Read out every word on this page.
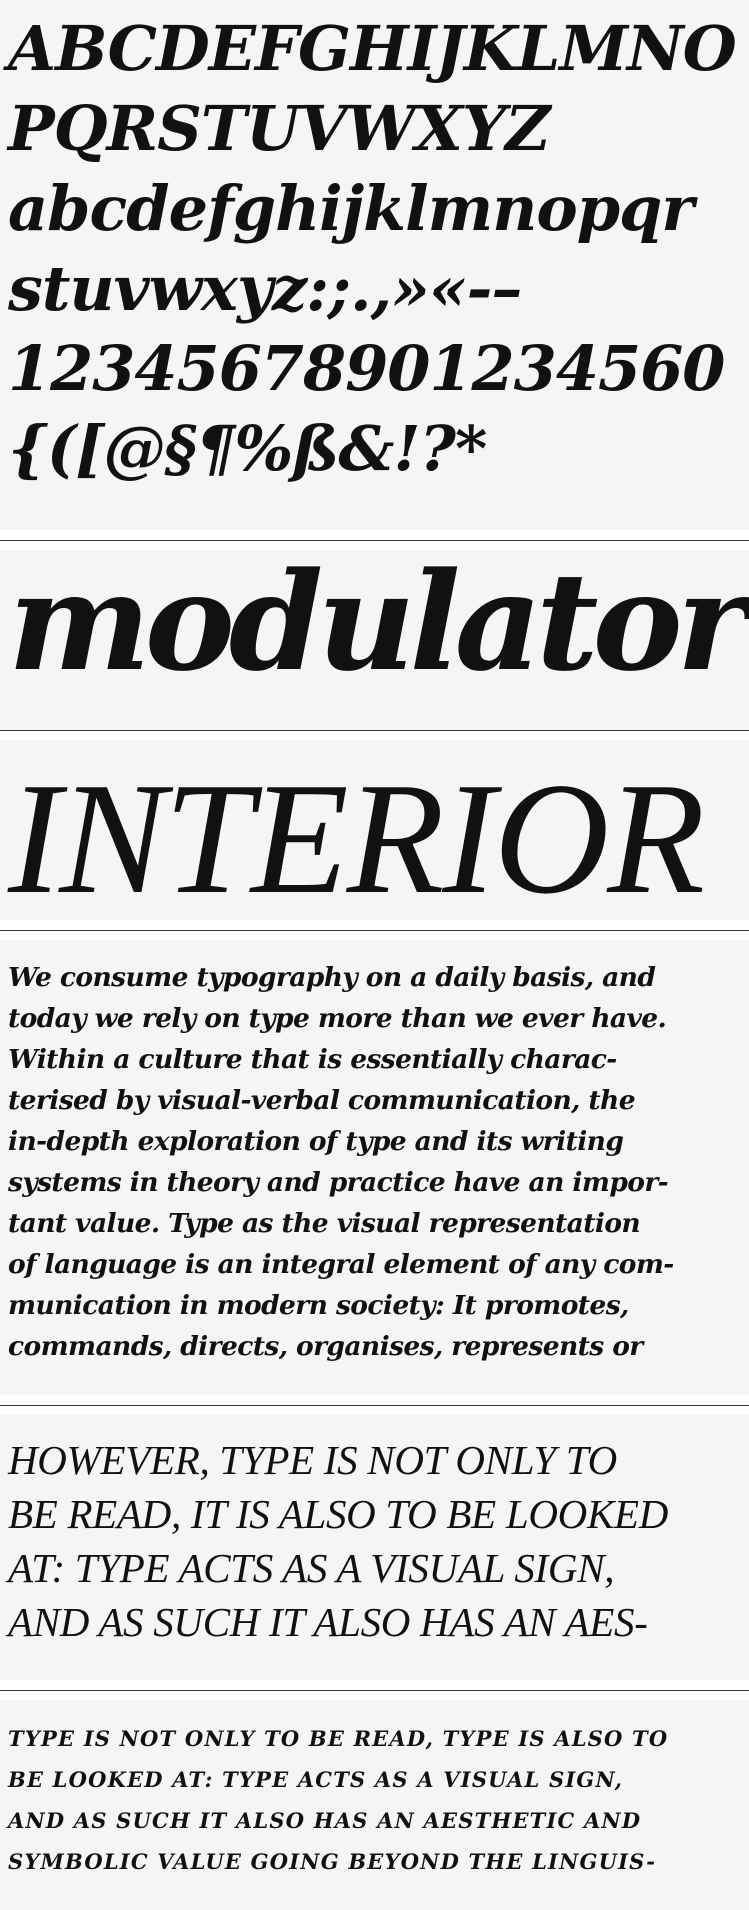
ABCDEFGHIJKLMNO
PQRSTUVWXYZ
abcdefghijklmnopqr
stuvwxyz:;.,»«-–
12345678901234560
{([@§¶%ß&!?*
modulator
INTERIOR
We consume typography on a daily basis, and
today we rely on type more than we ever have.
Within a culture that is essentially charac-
terised by visual-verbal communication, the
in-depth exploration of type and its writing
systems in theory and practice have an impor-
tant value. Type as the visual representation
of language is an integral element of any com-
munication in modern society: It promotes,
commands, directs, organises, represents or
HOWEVER, TYPE IS NOT ONLY TO
BE READ, IT IS ALSO TO BE LOOKED
AT: TYPE ACTS AS A VISUAL SIGN,
AND AS SUCH IT ALSO HAS AN AES-
TYPE IS NOT ONLY TO BE READ, TYPE IS ALSO TO
BE LOOKED AT: TYPE ACTS AS A VISUAL SIGN,
AND AS SUCH IT ALSO HAS AN AESTHETIC AND
SYMBOLIC VALUE GOING BEYOND THE LINGUIS-
